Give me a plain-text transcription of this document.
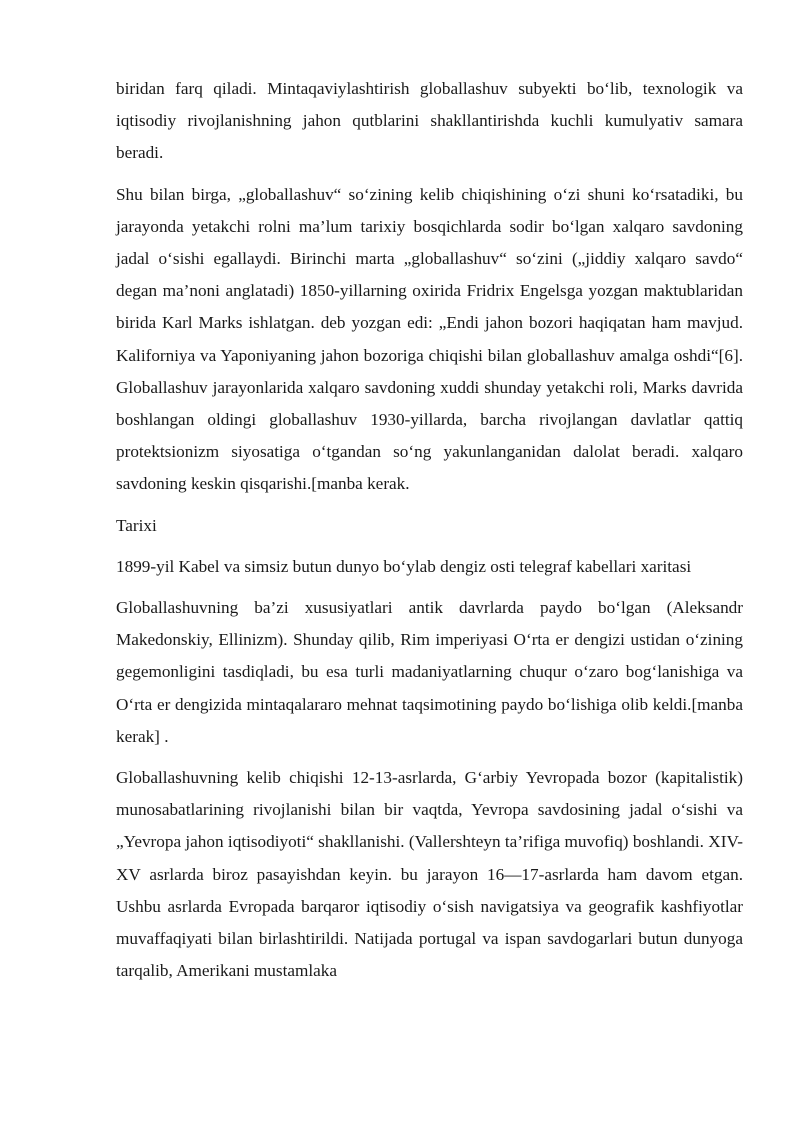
biridan farq qiladi. Mintaqaviylashtirish globallashuv subyekti bo‘lib, texnologik va iqtisodiy rivojlanishning jahon qutblarini shakllantirishda kuchli kumulyativ samara beradi.

Shu bilan birga, „globallashuv“ so‘zining kelib chiqishining o‘zi shuni ko‘rsatadiki, bu jarayonda yetakchi rolni ma’lum tarixiy bosqichlarda sodir bo‘lgan xalqaro savdoning jadal o‘sishi egallaydi. Birinchi marta „globallashuv“ so‘zini („jiddiy xalqaro savdo“ degan ma’noni anglatadi) 1850-yillarning oxirida Fridrix Engelsga yozgan maktublaridan birida Karl Marks ishlatgan. deb yozgan edi: „Endi jahon bozori haqiqatan ham mavjud. Kaliforniya va Yaponiyaning jahon bozoriga chiqishi bilan globallashuv amalga oshdi“[6]. Globallashuv jarayonlarida xalqaro savdoning xuddi shunday yetakchi roli, Marks davrida boshlangan oldingi globallashuv 1930-yillarda, barcha rivojlangan davlatlar qattiq protektsionizm siyosatiga o‘tgandan so‘ng yakunlanganidan dalolat beradi. xalqaro savdoning keskin qisqarishi.[manba kerak.

Tarixi

1899-yil Kabel va simsiz butun dunyo bo‘ylab dengiz osti telegraf kabellari xaritasi

Globallashuvning ba’zi xususiyatlari antik davrlarda paydo bo‘lgan (Aleksandr Makedonskiy, Ellinizm). Shunday qilib, Rim imperiyasi O‘rta er dengizi ustidan o‘zining gegemonligini tasdiqladi, bu esa turli madaniyatlarning chuqur o‘zaro bog‘lanishiga va O‘rta er dengizida mintaqalararo mehnat taqsimotining paydo bo‘lishiga olib keldi.[manba kerak] .

Globallashuvning kelib chiqishi 12-13-asrlarda, G‘arbiy Yevropada bozor (kapitalistik) munosabatlarining rivojlanishi bilan bir vaqtda, Yevropa savdosining jadal o‘sishi va „Yevropa jahon iqtisodiyoti“ shakllanishi. (Vallershteyn ta’rifiga muvofiq) boshlandi. XIV-XV asrlarda biroz pasayishdan keyin. bu jarayon 16—17-asrlarda ham davom etgan. Ushbu asrlarda Evropada barqaror iqtisodiy o‘sish navigatsiya va geografik kashfiyotlar muvaffaqiyati bilan birlashtirildi. Natijada portugal va ispan savdogarlari butun dunyoga tarqalib, Amerikani mustamlaka
